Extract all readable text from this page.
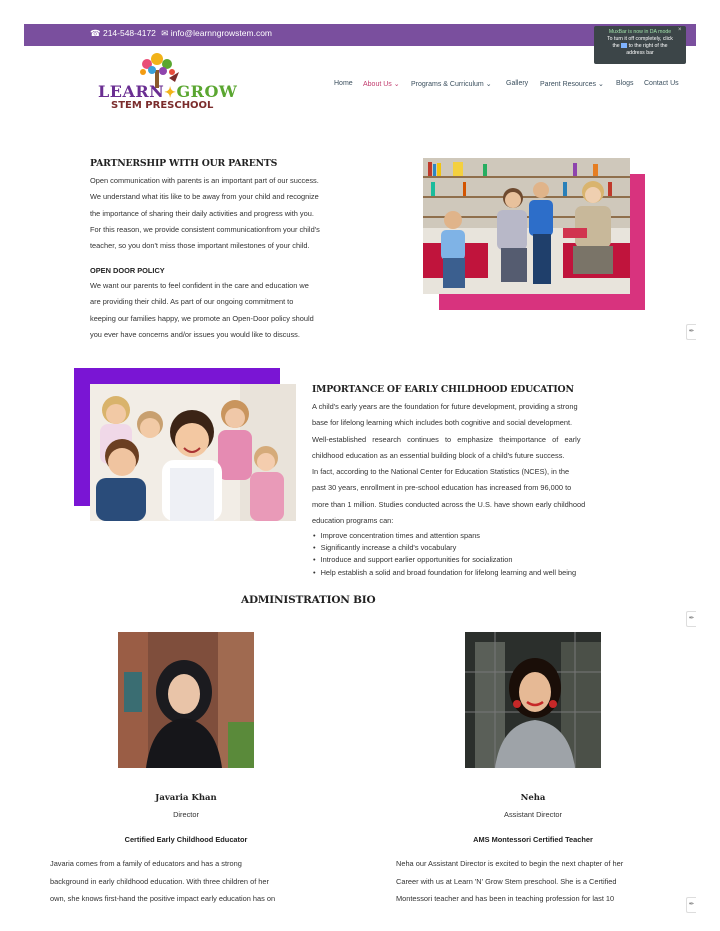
☎ 214-548-4172 ✉ info@learnngrowstem.com	MuxBar is now in DA mode
To turn it off completely, click
the to the right of the
address bar
×
LEARN✦GROW
STEM PRESCHOOL
Home About Us ⌄ Programs & Curriculum ⌄ Gallery Parent Resources ⌄ Blogs Contact Us
PARTNERSHIP WITH OUR PARENTS
Open communication with parents is an important part of our success.
We understand what itis like to be away from your child and recognize
the importance of sharing their daily activities and progress with you.
For this reason, we provide consistent communicationfrom your child's
teacher, so you don't miss those important milestones of your child.
OPEN DOOR POLICY
We want our parents to feel confident in the care and education we
are providing their child. As part of our ongoing commitment to
keeping our families happy, we promote an Open-Door policy should
you ever have concerns and/or issues you would like to discuss.
IMPORTANCE OF EARLY CHILDHOOD EDUCATION
A child's early years are the foundation for future development, providing a strong
base for lifelong learning which includes both cognitive and social development.
Well-established   research   continues   to   emphasize   theimportance   of   early
childhood education as an essential building block of a child's future success.
In fact, according to the National Center for Education Statistics (NCES), in the
past 30 years, enrollment in pre-school education has increased from 96,000 to
more than 1 million. Studies conducted across the U.S. have shown early childhood
education programs can:
• Improve concentration times and attention spans
• Significantly increase a child's vocabulary
• Introduce and support earlier opportunities for socialization
• Help establish a solid and broad foundation for lifelong learning and well being
ADMINISTRATION BIO
Javaria Khan
Director
Certified Early Childhood Educator
Javaria comes from a family of educators and has a strong
background in early childhood education. With three children of her
own, she knows first-hand the positive impact early education has on
Neha
Assistant Director
AMS Montessori Certified Teacher
Neha our Assistant Director is excited to begin the next chapter of her
Career with us at Learn 'N' Grow Stem preschool. She is a Certified
Montessori teacher and has been in teaching profession for last 10
✒
✒
✒
